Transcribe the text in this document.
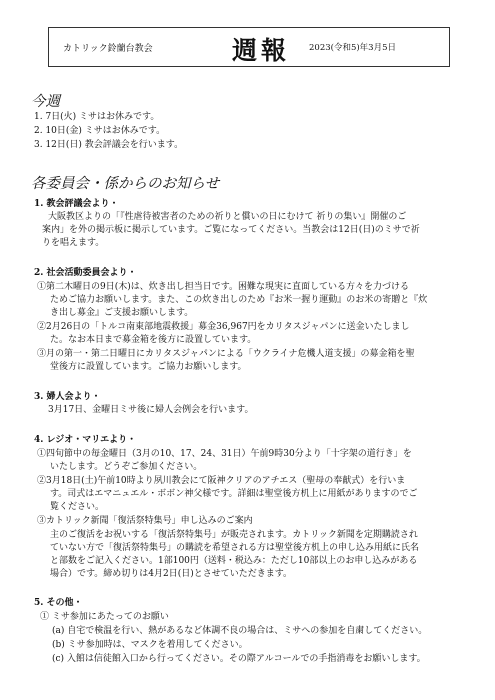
カトリック鈴蘭台教会	週報 2023(令和5)年3月5日
今週
1. 7日(火) ミサはお休みです。
2. 10日(金) ミサはお休みです。
3. 12日(日) 教会評議会を行います。
各委員会・係からのお知らせ
1. 教会評議会より・
大阪教区よりの「『性虐待被害者のための祈りと償いの日にむけて 祈りの集い』開催のご
案内」を外の掲示板に掲示しています。ご覧になってください。当教会は12日(日)のミサで祈
りを唱えます。
2. 社会活動委員会より・
①第二木曜日の9日(木)は、炊き出し担当日です。困難な現実に直面している方々を力づける
ためご協力お願いします。また、この炊き出しのため『お米一握り運動』のお米の寄贈と『炊
き出し募金』ご支援お願いします。
②2月26日の「トルコ南東部地震救援」募金36,967円をカリタスジャパンに送金いたしまし
た。なお本日まで募金箱を後方に設置しています。
③月の第一・第二日曜日にカリタスジャパンによる「ウクライナ危機人道支援」の募金箱を聖
堂後方に設置しています。ご協力お願いします。
3. 婦人会より・
3月17日、金曜日ミサ後に婦人会例会を行います。
4. レジオ・マリエより・
①四旬節中の毎金曜日（3月の10、17、24、31日）午前9時30分より「十字架の道行き」を
いたします。どうぞご参加ください。
②3月18日(土)午前10時より夙川教会にて阪神クリアのアチエス（聖母の奉献式）を行いま
す。司式はエマニュエル・ボボン神父様です。詳細は聖堂後方机上に用紙がありますのでご
覧ください。
③カトリック新聞「復活祭特集号」申し込みのご案内
主のご復活をお祝いする「復活祭特集号」が販売されます。カトリック新聞を定期購読され
ていない方で「復活祭特集号」の購読を希望される方は聖堂後方机上の申し込み用紙に氏名
と部数をご記入ください。1部100円（送料・税込み：ただし10部以上のお申し込みがある
場合）です。締め切りは4月2日(日)とさせていただきます。
5. その他・
① ミサ参加にあたってのお願い
(a) 自宅で検温を行い、熱があるなど体調不良の場合は、ミサへの参加を自粛してください。
(b) ミサ参加時は、マスクを着用してください。
(c) 入館は信徒館入口から行ってください。その際アルコールでの手指消毒をお願いします。
